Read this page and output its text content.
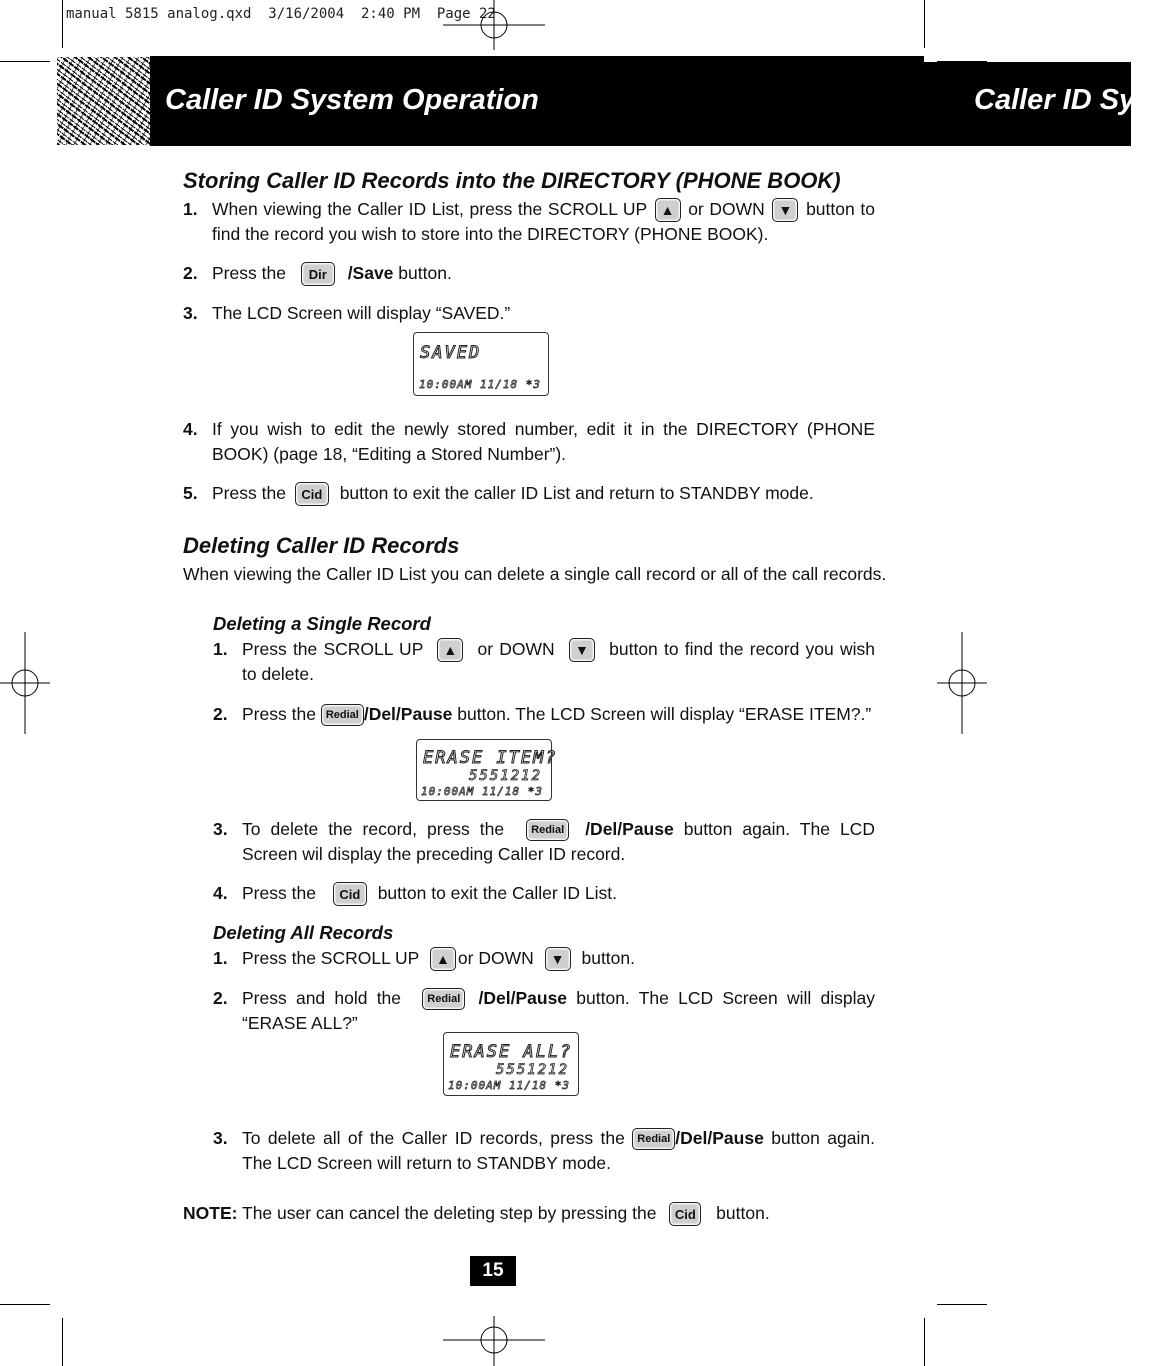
manual 5815 analog.qxd  3/16/2004  2:40 PM  Page 22
Caller ID System Operation	Caller ID Sys
Storing Caller ID Records into the DIRECTORY (PHONE BOOK)
1. When viewing the Caller ID List, press the SCROLL UP ▲ or DOWN ▼ button to find the record you wish to store into the DIRECTORY (PHONE BOOK).
2. Press the Dir /Save button.
3. The LCD Screen will display “SAVED.”
SAVED
10:00AM 11/18 *3
4. If you wish to edit the newly stored number, edit it in the DIRECTORY (PHONE BOOK) (page 18, “Editing a Stored Number”).
5. Press the Cid button to exit the caller ID List and return to STANDBY mode.
Deleting Caller ID Records
When viewing the Caller ID List you can delete a single call record or all of the call records.
Deleting a Single Record
1. Press the SCROLL UP ▲ or DOWN ▼ button to find the record you wish to delete.
2. Press the Redial /Del/Pause button. The LCD Screen will display “ERASE ITEM?.”
ERASE ITEM?
5551212
10:00AM 11/18 *3
3. To delete the record, press the Redial /Del/Pause button again. The LCD Screen wil display the preceding Caller ID record.
4. Press the Cid button to exit the Caller ID List.
Deleting All Records
1. Press the SCROLL UP ▲ or DOWN ▼ button.
2. Press and hold the Redial /Del/Pause button. The LCD Screen will display “ERASE ALL?”
ERASE ALL?
5551212
10:00AM 11/18 *3
3. To delete all of the Caller ID records, press the Redial /Del/Pause button again. The LCD Screen will return to STANDBY mode.
NOTE: The user can cancel the deleting step by pressing the Cid button.
15
